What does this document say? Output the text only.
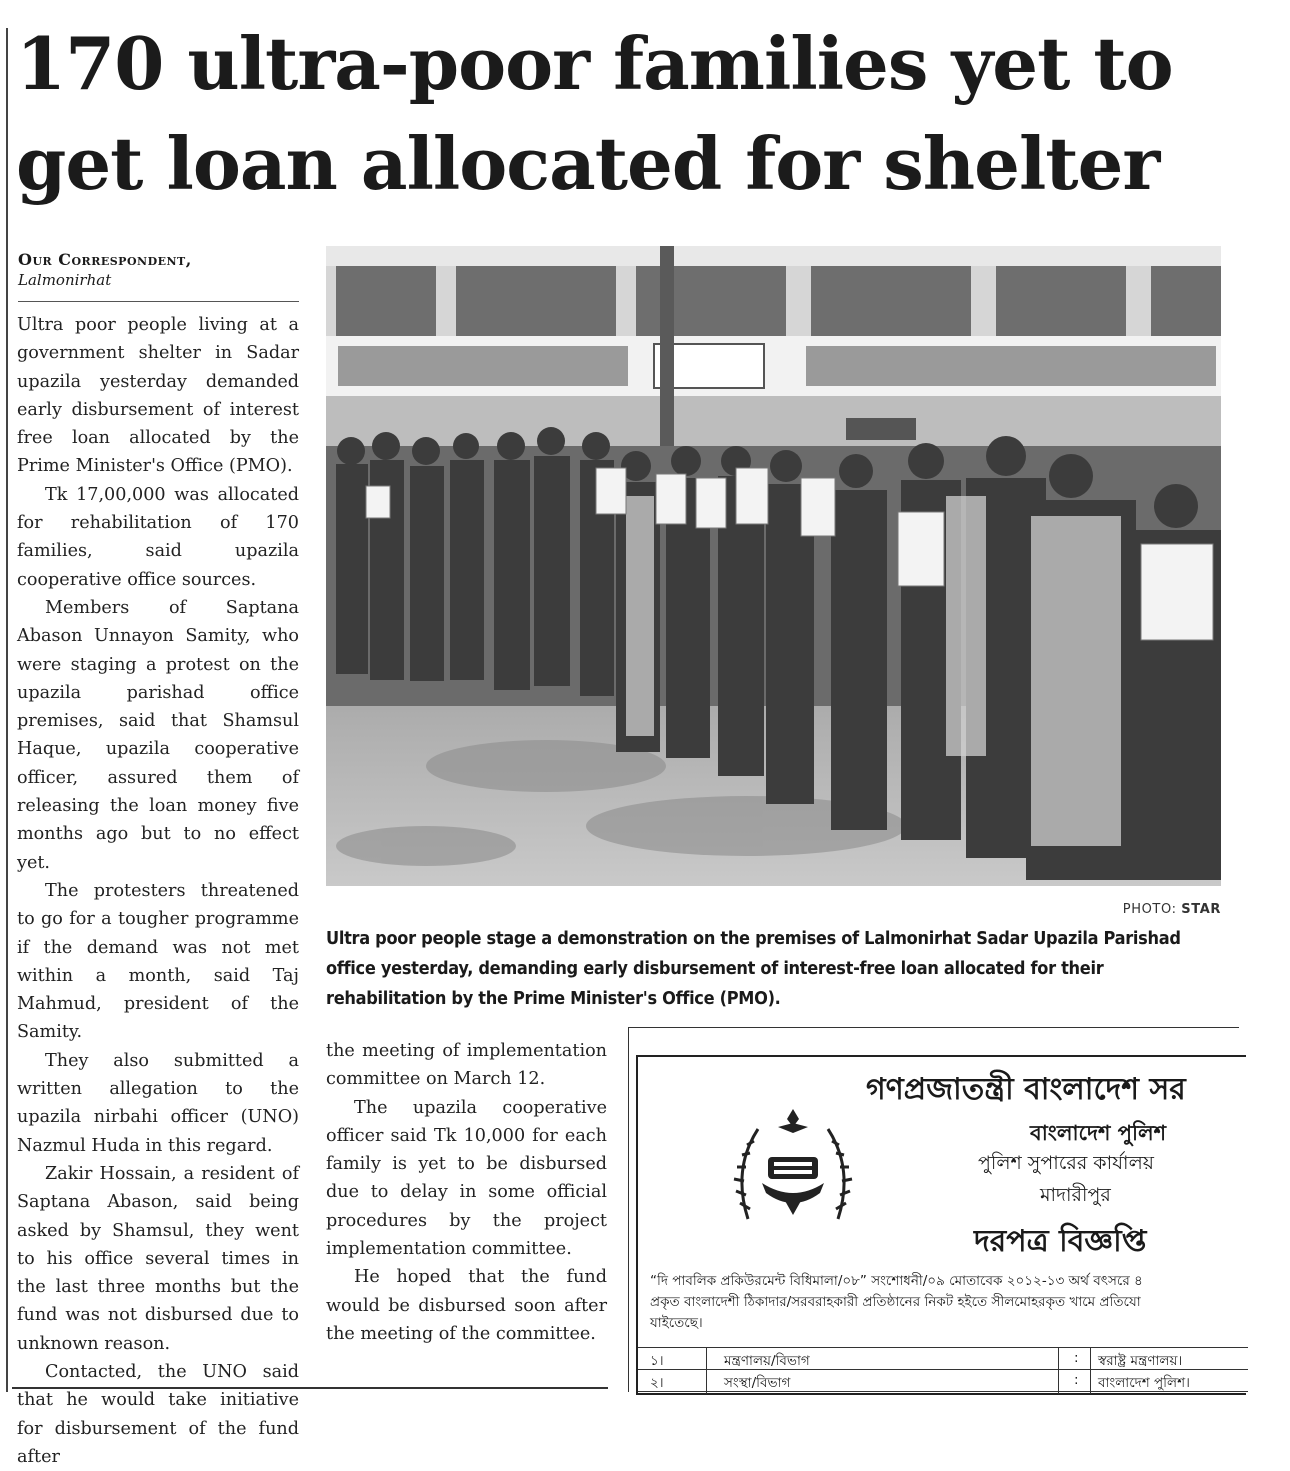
170 ultra-poor families yet to
get loan allocated for shelter
Our Correspondent,
Lalmonirhat

Ultra poor people living at a government shelter in Sadar upazila yesterday demanded early disbursement of interest free loan allocated by the Prime Minister's Office (PMO).

Tk 17,00,000 was allocated for rehabilitation of 170 families, said upazila cooperative office sources.

Members of Saptana Abason Unnayon Samity, who were staging a protest on the upazila parishad office premises, said that Shamsul Haque, upazila cooperative officer, assured them of releasing the loan money five months ago but to no effect yet.

The protesters threatened to go for a tougher programme if the demand was not met within a month, said Taj Mahmud, president of the Samity.

They also submitted a written allegation to the upazila nirbahi officer (UNO) Nazmul Huda in this regard.

Zakir Hossain, a resident of Saptana Abason, said being asked by Shamsul, they went to his office several times in the last three months but the fund was not disbursed due to unknown reason.

Contacted, the UNO said that he would take initiative for disbursement of the fund after

PHOTO: STAR
Ultra poor people stage a demonstration on the premises of Lalmonirhat Sadar Upazila Parishad office yesterday, demanding early disbursement of interest-free loan allocated for their rehabilitation by the Prime Minister's Office (PMO).

the meeting of implementation committee on March 12.

The upazila cooperative officer said Tk 10,000 for each family is yet to be disbursed due to delay in some official procedures by the project implementation committee.

He hoped that the fund would be disbursed soon after the meeting of the committee.

গণপ্রজাতন্ত্রী বাংলাদেশ সর
বাংলাদেশ পুলিশ
পুলিশ সুপারের কার্যালয়
মাদারীপুর
দরপত্র বিজ্ঞপ্তি
“দি পাবলিক প্রকিউরমেন্ট বিধিমালা/০৮” সংশোধনী/০৯ মোতাবেক ২০১২-১৩ অর্থ বৎসরে ৪
প্রকৃত বাংলাদেশী ঠিকাদার/সরবরাহকারী প্রতিষ্ঠানের নিকট হইতে সীলমোহরকৃত খামে প্রতিযো
যাইতেছে।
১।	মন্ত্রণালয়/বিভাগ	: স্বরাষ্ট্র মন্ত্রণালয়।
২।	সংস্থা/বিভাগ	: বাংলাদেশ পুলিশ।
